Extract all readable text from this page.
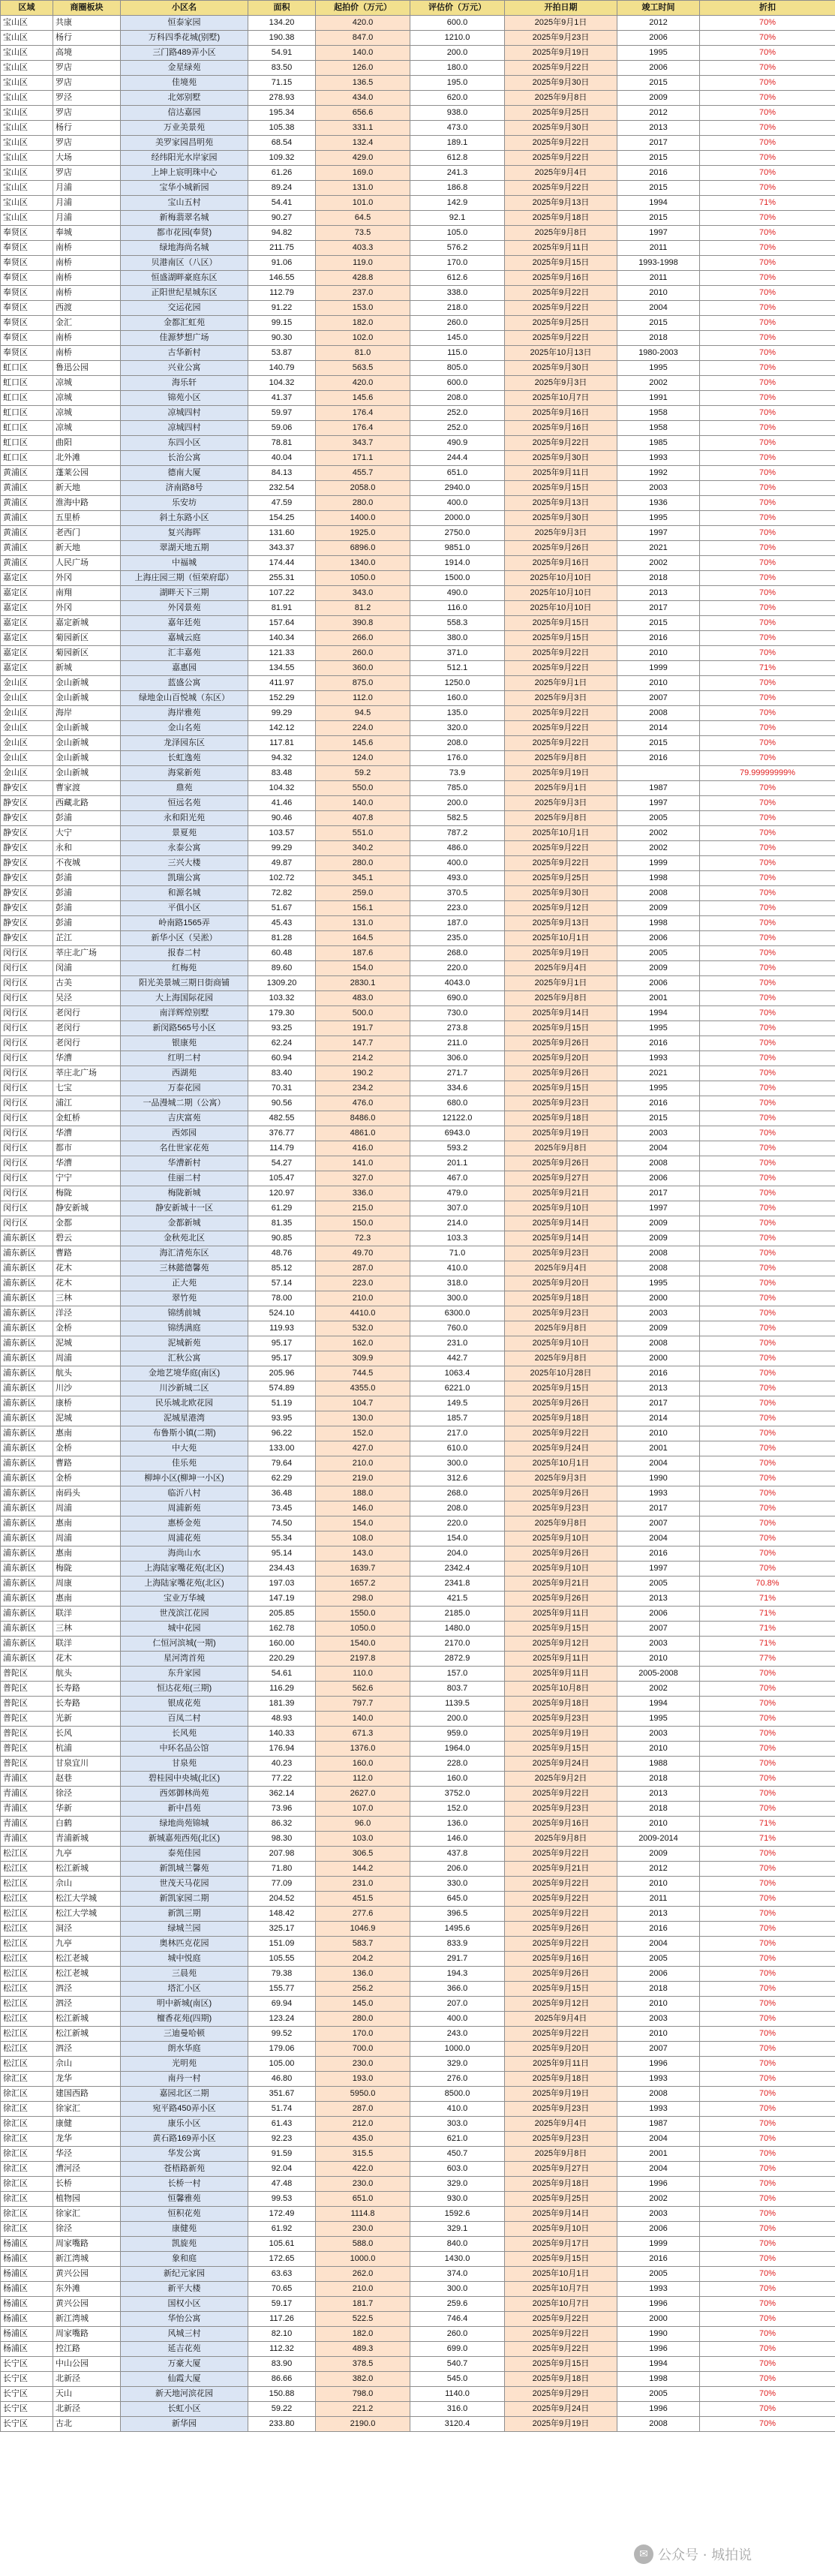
区域	商圈板块	小区名	面积	起拍价（万元）	评估价（万元）	开拍日期	竣工时间	折扣
宝山区	共康	恒泰家园	134.20	420.0	600.0	2025年9月1日	2012	70%
宝山区	杨行	万科四季花城(别墅)	190.38	847.0	1210.0	2025年9月23日	2006	70%
宝山区	高境	三门路489弄小区	54.91	140.0	200.0	2025年9月19日	1995	70%
宝山区	罗店	金星绿苑	83.50	126.0	180.0	2025年9月22日	2006	70%
宝山区	罗店	佳境苑	71.15	136.5	195.0	2025年9月30日	2015	70%
宝山区	罗泾	北郊别墅	278.93	434.0	620.0	2025年9月8日	2009	70%
宝山区	罗店	信达嘉园	195.34	656.6	938.0	2025年9月25日	2012	70%
宝山区	杨行	万业美景苑	105.38	331.1	473.0	2025年9月30日	2013	70%
宝山区	罗店	美罗家园昌明苑	68.54	132.4	189.1	2025年9月22日	2017	70%
宝山区	大场	经纬阳光水岸家园	109.32	429.0	612.8	2025年9月22日	2015	70%
宝山区	罗店	上坤上宸明珠中心	61.26	169.0	241.3	2025年9月4日	2016	70%
宝山区	月浦	宝华小城新园	89.24	131.0	186.8	2025年9月22日	2015	70%
宝山区	月浦	宝山五村	54.41	101.0	142.9	2025年9月13日	1994	71%
宝山区	月浦	新梅翡翠名城	90.27	64.5	92.1	2025年9月18日	2015	70%
奉贤区	奉城	都市花园(奉贤)	94.82	73.5	105.0	2025年9月8日	1997	70%
奉贤区	南桥	绿地海尚名城	211.75	403.3	576.2	2025年9月11日	2011	70%
奉贤区	南桥	贝港南区（八区）	91.06	119.0	170.0	2025年9月15日	1993-1998	70%
奉贤区	南桥	恒盛湖畔豪庭东区	146.55	428.8	612.6	2025年9月16日	2011	70%
奉贤区	南桥	正阳世纪星城东区	112.79	237.0	338.0	2025年9月22日	2010	70%
奉贤区	西渡	交运花园	91.22	153.0	218.0	2025年9月22日	2004	70%
奉贤区	金汇	金都汇虹苑	99.15	182.0	260.0	2025年9月25日	2015	70%
奉贤区	南桥	佳源梦想广场	90.30	102.0	145.0	2025年9月22日	2018	70%
奉贤区	南桥	古华新村	53.87	81.0	115.0	2025年10月13日	1980-2003	70%
虹口区	鲁迅公园	兴业公寓	140.79	563.5	805.0	2025年9月30日	1995	70%
虹口区	凉城	海乐轩	104.32	420.0	600.0	2025年9月3日	2002	70%
虹口区	凉城	锦苑小区	41.37	145.6	208.0	2025年10月7日	1991	70%
虹口区	凉城	凉城四村	59.97	176.4	252.0	2025年9月16日	1958	70%
虹口区	凉城	凉城四村	59.06	176.4	252.0	2025年9月16日	1958	70%
虹口区	曲阳	东四小区	78.81	343.7	490.9	2025年9月22日	1985	70%
虹口区	北外滩	长治公寓	40.04	171.1	244.4	2025年9月30日	1993	70%
黄浦区	蓬莱公园	德南大厦	84.13	455.7	651.0	2025年9月11日	1992	70%
黄浦区	新天地	济南路8号	232.54	2058.0	2940.0	2025年9月15日	2003	70%
黄浦区	淮海中路	乐安坊	47.59	280.0	400.0	2025年9月13日	1936	70%
黄浦区	五里桥	斜土东路小区	154.25	1400.0	2000.0	2025年9月30日	1995	70%
黄浦区	老西门	复兴海晖	131.60	1925.0	2750.0	2025年9月3日	1997	70%
黄浦区	新天地	翠湖天地五期	343.37	6896.0	9851.0	2025年9月26日	2021	70%
黄浦区	人民广场	中福城	174.44	1340.0	1914.0	2025年9月16日	2002	70%
嘉定区	外冈	上海庄园三期（恒荣府邸）	255.31	1050.0	1500.0	2025年10月10日	2018	70%
嘉定区	南翔	湖畔天下三期	107.22	343.0	490.0	2025年10月10日	2013	70%
嘉定区	外冈	外冈景苑	81.91	81.2	116.0	2025年10月10日	2017	70%
嘉定区	嘉定新城	嘉年廷苑	157.64	390.8	558.3	2025年9月15日	2015	70%
嘉定区	菊园新区	嘉城云庭	140.34	266.0	380.0	2025年9月15日	2016	70%
嘉定区	菊园新区	汇丰嘉苑	121.33	260.0	371.0	2025年9月22日	2010	70%
嘉定区	新城	嘉惠园	134.55	360.0	512.1	2025年9月22日	1999	71%
金山区	金山新城	蓝盛公寓	411.97	875.0	1250.0	2025年9月1日	2010	70%
金山区	金山新城	绿地金山百悦城（东区）	152.29	112.0	160.0	2025年9月3日	2007	70%
金山区	海岸	海岸雅苑	99.29	94.5	135.0	2025年9月22日	2008	70%
金山区	金山新城	金山名苑	142.12	224.0	320.0	2025年9月22日	2014	70%
金山区	金山新城	龙泽园东区	117.81	145.6	208.0	2025年9月22日	2015	70%
金山区	金山新城	长虹逸苑	94.32	124.0	176.0	2025年9月8日	2016	70%
金山区	金山新城	海棠新苑	83.48	59.2	73.9	2025年9月19日		79.99999999%
静安区	曹家渡	鼎苑	104.32	550.0	785.0	2025年9月1日	1987	70%
静安区	西藏北路	恒远名苑	41.46	140.0	200.0	2025年9月3日	1997	70%
静安区	彭浦	永和阳光苑	90.46	407.8	582.5	2025年9月8日	2005	70%
静安区	大宁	景夏苑	103.57	551.0	787.2	2025年10月1日	2002	70%
静安区	永和	永泰公寓	99.29	340.2	486.0	2025年9月22日	2002	70%
静安区	不夜城	三兴大楼	49.87	280.0	400.0	2025年9月22日	1999	70%
静安区	彭浦	凯瑞公寓	102.72	345.1	493.0	2025年9月25日	1998	70%
静安区	彭浦	和源名城	72.82	259.0	370.5	2025年9月30日	2008	70%
静安区	彭浦	平俱小区	51.67	156.1	223.0	2025年9月12日	2009	70%
静安区	彭浦	岭南路1565弄	45.43	131.0	187.0	2025年9月13日	1998	70%
静安区	芷江	新华小区（吴淞）	81.28	164.5	235.0	2025年10月1日	2006	70%
闵行区	莘庄北广场	报春二村	60.48	187.6	268.0	2025年9月19日	2005	70%
闵行区	闵浦	红梅苑	89.60	154.0	220.0	2025年9月4日	2009	70%
闵行区	古美	阳光美景城三期日街商铺	1309.20	2830.1	4043.0	2025年9月1日	2006	70%
闵行区	吴泾	大上海国际花园	103.32	483.0	690.0	2025年9月8日	2001	70%
闵行区	老闵行	南洋辉煌别墅	179.30	500.0	730.0	2025年9月14日	1994	70%
闵行区	老闵行	新闵路565号小区	93.25	191.7	273.8	2025年9月15日	1995	70%
闵行区	老闵行	银康苑	62.24	147.7	211.0	2025年9月26日	2016	70%
闵行区	华漕	红明二村	60.94	214.2	306.0	2025年9月20日	1993	70%
闵行区	莘庄北广场	西湖苑	83.40	190.2	271.7	2025年9月26日	2021	70%
闵行区	七宝	万泰花园	70.31	234.2	334.6	2025年9月15日	1995	70%
闵行区	浦江	一品漫城二期（公寓）	90.56	476.0	680.0	2025年9月23日	2016	70%
闵行区	金虹桥	吉庆富苑	482.55	8486.0	12122.0	2025年9月18日	2015	70%
闵行区	华漕	西郊园	376.77	4861.0	6943.0	2025年9月19日	2003	70%
闵行区	都市	名仕世家花苑	114.79	416.0	593.2	2025年9月8日	2004	70%
闵行区	华漕	华漕新村	54.27	141.0	201.1	2025年9月26日	2008	70%
闵行区	宁宁	佳丽二村	105.47	327.0	467.0	2025年9月27日	2006	70%
闵行区	梅陇	梅陇新城	120.97	336.0	479.0	2025年9月21日	2017	70%
闵行区	静安新城	静安新城十一区	61.29	215.0	307.0	2025年9月10日	1997	70%
闵行区	金都	金都新城	81.35	150.0	214.0	2025年9月14日	2009	70%
浦东新区	碧云	金秋苑北区	90.85	72.3	103.3	2025年9月14日	2009	70%
浦东新区	曹路	海汇清苑东区	48.76	49.70	71.0	2025年9月23日	2008	70%
浦东新区	花木	三林懿德馨苑	85.12	287.0	410.0	2025年9月4日	2008	70%
浦东新区	花木	正大苑	57.14	223.0	318.0	2025年9月20日	1995	70%
浦东新区	三林	翠竹苑	78.00	210.0	300.0	2025年9月18日	2000	70%
浦东新区	洋泾	锦绣前城	524.10	4410.0	6300.0	2025年9月23日	2003	70%
浦东新区	金桥	锦绣满庭	119.93	532.0	760.0	2025年9月8日	2009	70%
浦东新区	泥城	泥城新苑	95.17	162.0	231.0	2025年9月10日	2008	70%
浦东新区	周浦	汇秋公寓	95.17	309.9	442.7	2025年9月8日	2000	70%
浦东新区	航头	金地艺境华庭(南区)	205.96	744.5	1063.4	2025年10月28日	2016	70%
浦东新区	川沙	川沙新城二区	574.89	4355.0	6221.0	2025年9月15日	2013	70%
浦东新区	康桥	民乐城北欧花园	51.19	104.7	149.5	2025年9月26日	2017	70%
浦东新区	泥城	泥城星港湾	93.95	130.0	185.7	2025年9月18日	2014	70%
浦东新区	惠南	布鲁斯小镇(二期)	96.22	152.0	217.0	2025年9月22日	2010	70%
浦东新区	金桥	中大苑	133.00	427.0	610.0	2025年9月24日	2001	70%
浦东新区	曹路	佳乐苑	79.64	210.0	300.0	2025年10月1日	2004	70%
浦东新区	金桥	柳坤小区(柳坤一小区)	62.29	219.0	312.6	2025年9月3日	1990	70%
浦东新区	南码头	临沂八村	36.48	188.0	268.0	2025年9月26日	1993	70%
浦东新区	周浦	周浦新苑	73.45	146.0	208.0	2025年9月23日	2017	70%
浦东新区	惠南	惠桥金苑	74.50	154.0	220.0	2025年9月8日	2007	70%
浦东新区	周浦	周浦花苑	55.34	108.0	154.0	2025年9月10日	2004	70%
浦东新区	惠南	海尚山水	95.14	143.0	204.0	2025年9月26日	2016	70%
浦东新区	梅陇	上海陆家嘴花苑(北区)	234.43	1639.7	2342.4	2025年9月10日	1997	70%
浦东新区	周康	上海陆家嘴花苑(北区)	197.03	1657.2	2341.8	2025年9月21日	2005	70.8%
浦东新区	惠南	宝业万华城	147.19	298.0	421.5	2025年9月26日	2013	71%
浦东新区	联洋	世茂滨江花园	205.85	1550.0	2185.0	2025年9月11日	2006	71%
浦东新区	三林	城中花园	162.78	1050.0	1480.0	2025年9月15日	2007	71%
浦东新区	联洋	仁恒河滨城(一期)	160.00	1540.0	2170.0	2025年9月12日	2003	71%
浦东新区	花木	星河湾首苑	220.29	2197.8	2872.9	2025年9月11日	2010	77%
普陀区	航头	东升家园	54.61	110.0	157.0	2025年9月11日	2005-2008	70%
普陀区	长寿路	恒达花苑(三期)	116.29	562.6	803.7	2025年10月8日	2002	70%
普陀区	长寿路	银成花苑	181.39	797.7	1139.5	2025年9月18日	1994	70%
普陀区	光新	百凤二村	48.93	140.0	200.0	2025年9月23日	1995	70%
普陀区	长风	长风苑	140.33	671.3	959.0	2025年9月19日	2003	70%
普陀区	杭浦	中环名品公馆	176.94	1376.0	1964.0	2025年9月15日	2010	70%
普陀区	甘泉宜川	甘泉苑	40.23	160.0	228.0	2025年9月24日	1988	70%
青浦区	赵巷	碧桂园中央城(北区)	77.22	112.0	160.0	2025年9月2日	2018	70%
青浦区	徐泾	西郊御林尚苑	362.14	2627.0	3752.0	2025年9月22日	2013	70%
青浦区	华新	新中昌苑	73.96	107.0	152.0	2025年9月23日	2018	70%
青浦区	白鹤	绿地尚苑锦城	86.32	96.0	136.0	2025年9月16日	2010	71%
青浦区	青浦新城	新城嘉苑西苑(北区)	98.30	103.0	146.0	2025年9月8日	2009-2014	71%
松江区	九亭	泰苑佳园	207.98	306.5	437.8	2025年9月22日	2009	70%
松江区	松江新城	新凯城兰馨苑	71.80	144.2	206.0	2025年9月21日	2012	70%
松江区	佘山	世茂天马花园	77.09	231.0	330.0	2025年9月22日	2010	70%
松江区	松江大学城	新凯家园二期	204.52	451.5	645.0	2025年9月22日	2011	70%
松江区	松江大学城	新凯三期	148.42	277.6	396.5	2025年9月22日	2013	70%
松江区	洞泾	绿城兰园	325.17	1046.9	1495.6	2025年9月26日	2016	70%
松江区	九亭	奥林匹克花园	151.09	583.7	833.9	2025年9月22日	2004	70%
松江区	松江老城	城中悦庭	105.55	204.2	291.7	2025年9月16日	2005	70%
松江区	松江老城	三晨苑	79.38	136.0	194.3	2025年9月26日	2006	70%
松江区	泗泾	塔汇小区	155.77	256.2	366.0	2025年9月15日	2018	70%
松江区	泗泾	明中新城(南区)	69.94	145.0	207.0	2025年9月12日	2010	70%
松江区	松江新城	檀香花苑(四期)	123.24	280.0	400.0	2025年9月4日	2003	70%
松江区	松江新城	三迪曼哈顿	99.52	170.0	243.0	2025年9月22日	2010	70%
松江区	泗泾	朗水华庭	179.06	700.0	1000.0	2025年9月20日	2007	70%
松江区	佘山	光明苑	105.00	230.0	329.0	2025年9月11日	1996	70%
徐汇区	龙华	南丹一村	46.80	193.0	276.0	2025年9月18日	1993	70%
徐汇区	建国西路	嘉园北区二期	351.67	5950.0	8500.0	2025年9月19日	2008	70%
徐汇区	徐家汇	宛平路450弄小区	51.74	287.0	410.0	2025年9月23日	1993	70%
徐汇区	康健	康乐小区	61.43	212.0	303.0	2025年9月4日	1987	70%
徐汇区	龙华	黄石路169弄小区	92.23	435.0	621.0	2025年9月23日	2004	70%
徐汇区	华泾	华发公寓	91.59	315.5	450.7	2025年9月8日	2001	70%
徐汇区	漕河泾	苍梧路新苑	92.04	422.0	603.0	2025年9月27日	2004	70%
徐汇区	长桥	长桥一村	47.48	230.0	329.0	2025年9月18日	1996	70%
徐汇区	植物园	恒馨雅苑	99.53	651.0	930.0	2025年9月25日	2002	70%
徐汇区	徐家汇	恒积花苑	172.49	1114.8	1592.6	2025年9月14日	2003	70%
徐汇区	徐泾	康健苑	61.92	230.0	329.1	2025年9月10日	2006	70%
杨浦区	周家嘴路	凯旋苑	105.61	588.0	840.0	2025年9月17日	1999	70%
杨浦区	新江湾城	象和庭	172.65	1000.0	1430.0	2025年9月15日	2016	70%
杨浦区	黄兴公园	新纪元家园	63.63	262.0	374.0	2025年10月1日	2005	70%
杨浦区	东外滩	新平大楼	70.65	210.0	300.0	2025年10月7日	1993	70%
杨浦区	黄兴公园	国权小区	59.17	181.7	259.6	2025年10月7日	1996	70%
杨浦区	新江湾城	华怡公寓	117.26	522.5	746.4	2025年9月22日	2000	70%
杨浦区	周家嘴路	风城三村	82.10	182.0	260.0	2025年9月22日	1990	70%
杨浦区	控江路	延吉花苑	112.32	489.3	699.0	2025年9月22日	1996	70%
长宁区	中山公园	万豪大厦	83.90	378.5	540.7	2025年9月15日	1994	70%
长宁区	北新泾	仙霞大厦	86.66	382.0	545.0	2025年9月18日	1998	70%
长宁区	天山	新天地河滨花园	150.88	798.0	1140.0	2025年9月29日	2005	70%
长宁区	北新泾	长虹小区	59.22	221.2	316.0	2025年9月24日	1996	70%
长宁区	古北	新华园	233.80	2190.0	3120.4	2025年9月19日	2008	70%
✉ 公众号 · 城拍说
